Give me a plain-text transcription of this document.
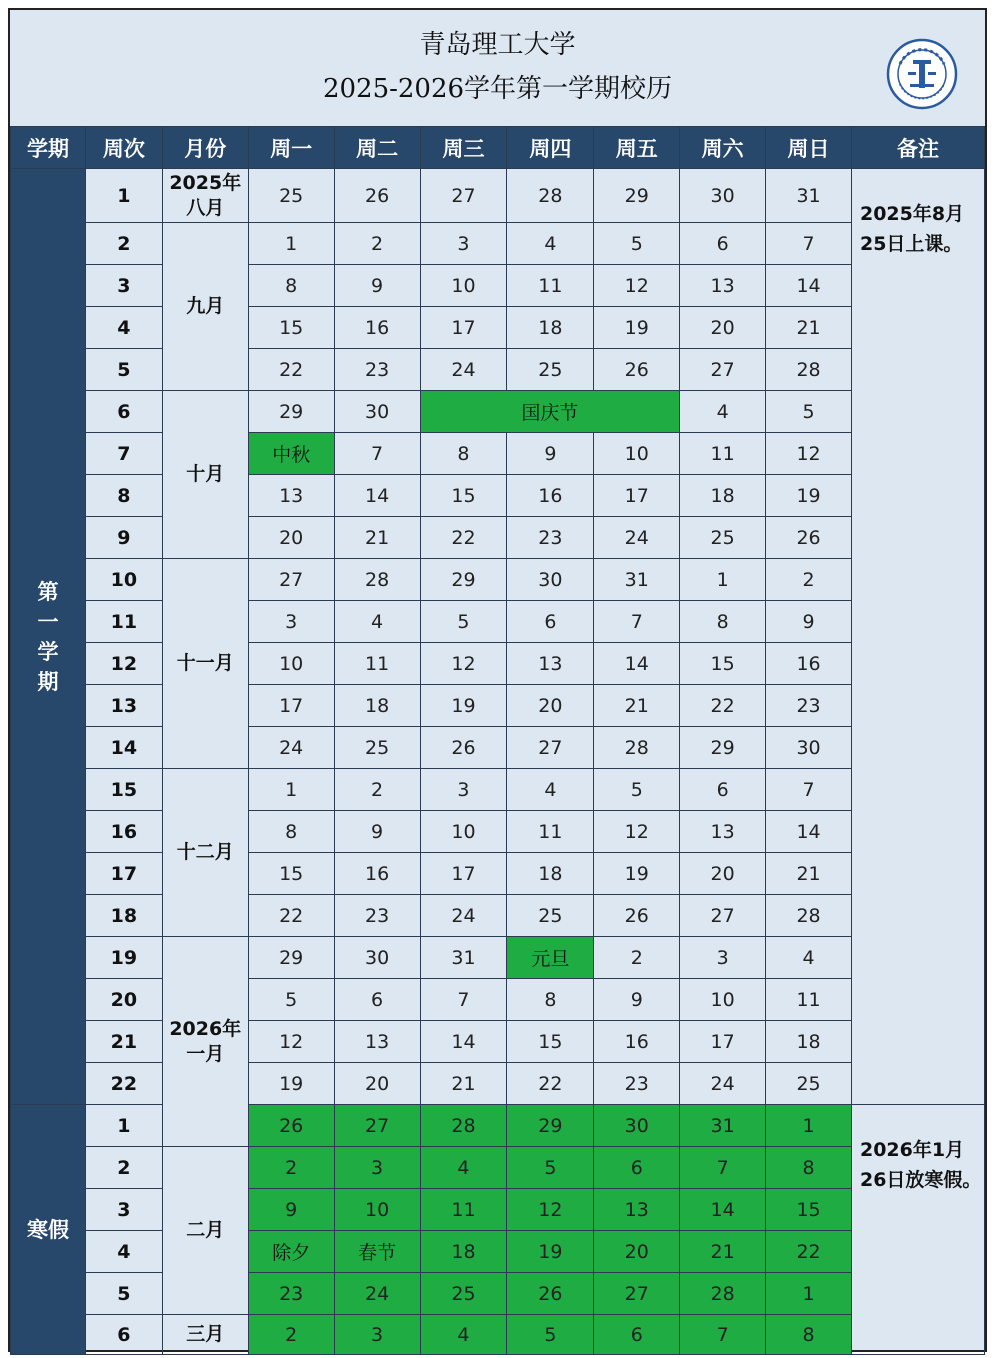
青岛理工大学
2025-2026学年第一学期校历
学期	周次	月份	周一	周二	周三	周四	周五	周六	周日	备注

第
一
学
期	1	2025年
八月	25	26	27	28	29	30	31	2025年8月
25日上课。

	2	九月	1	2	3	4	5	6	7	
	3		8	9	10	11	12	13	14	
	4		15	16	17	18	19	20	21	
	5		22	23	24	25	26	27	28	
	6	十月	29	30	国庆节			4	5	
	7		中秋	7	8	9	10	11	12	
	8		13	14	15	16	17	18	19	
	9		20	21	22	23	24	25	26	
	10	十一月	27	28	29	30	31	1	2	
	11		3	4	5	6	7	8	9	
	12		10	11	12	13	14	15	16	
	13		17	18	19	20	21	22	23	
	14		24	25	26	27	28	29	30	
	15	十二月	1	2	3	4	5	6	7	
	16		8	9	10	11	12	13	14	
	17		15	16	17	18	19	20	21	
	18		22	23	24	25	26	27	28	
	19	2026年
一月	29	30	31	元旦	2	3	4	
	20		5	6	7	8	9	10	11	
	21		12	13	14	15	16	17	18	
	22		19	20	21	22	23	24	25	

寒假	1		26	27	28	29	30	31	1	2026年1月
26日放寒假。

	2	二月	2	3	4	5	6	7	8	
	3		9	10	11	12	13	14	15	
	4		除夕	春节	18	19	20	21	22	
	5		23	24	25	26	27	28	1	
	6	三月	2	3	4	5	6	7	8	
